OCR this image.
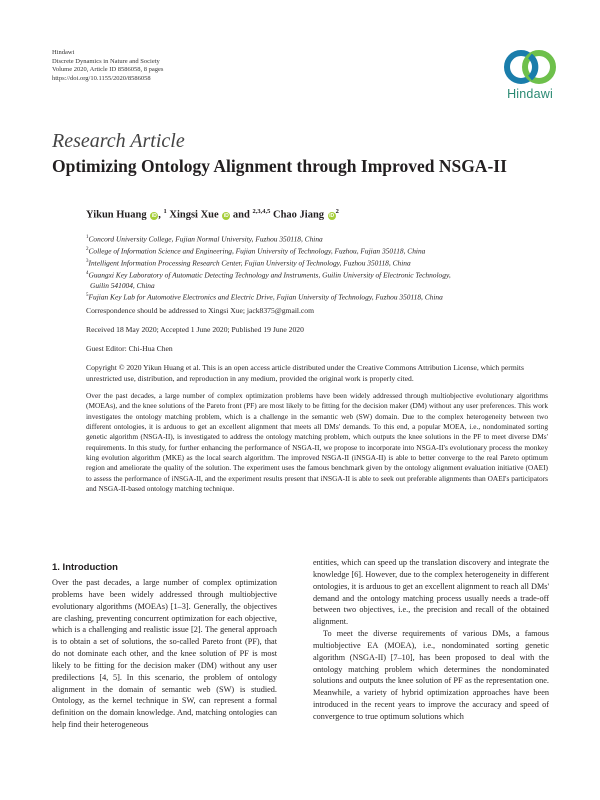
Hindawi
Discrete Dynamics in Nature and Society
Volume 2020, Article ID 8586058, 8 pages
https://doi.org/10.1155/2020/8586058
Hindawi
Research Article
Optimizing Ontology Alignment through Improved NSGA-II
Yikun Huang iD , $^1$ Xingsi Xue iD and $^{2,3,4,5}$ Chao Jiang $iD^2$

$^1$Concord University College, Fujian Normal University, Fuzhou 350118, China

$^2$College of Information Science and Engineering, Fujian University of Technology, Fuzhou, Fujian 350118, China

$^3$Intelligent Information Processing Research Center, Fujian University of Technology, Fuzhou 350118, China

$^4$Guangxi Key Laboratory of Automatic Detecting Technology and Instruments, Guilin University of Electronic Technology,

Guilin 541004, China

$^5$Fujian Key Lab for Automotive Electronics and Electric Drive, Fujian University of Technology, Fuzhou 350118, China

Correspondence should be addressed to Xingsi Xue; jack8375@gmail.com
Received 18 May 2020; Accepted 1 June 2020; Published 19 June 2020
Guest Editor: Chi-Hua Chen
Copyright © 2020 Yikun Huang et al. This is an open access article distributed under the Creative Commons Attribution License, which permits unrestricted use, distribution, and reproduction in any medium, provided the original work is properly cited.
Over the past decades, a large number of complex optimization problems have been widely addressed through multiobjective evolutionary algorithms (MOEAs), and the knee solutions of the Pareto front (PF) are most likely to be fitting for the decision maker (DM) without any user preferences. This work investigates the ontology matching problem, which is a challenge in the semantic web (SW) domain. Due to the complex heterogeneity between two different ontologies, it is arduous to get an excellent alignment that meets all DMs' demands. To this end, a popular MOEA, i.e., nondominated sorting genetic algorithm (NSGA-II), is investigated to address the ontology matching problem, which outputs the knee solutions in the PF to meet diverse DMs' requirements. In this study, for further enhancing the performance of NSGA-II, we propose to incorporate into NSGA-II's evolutionary process the monkey king evolution algorithm (MKE) as the local search algorithm. The improved NSGA-II (iNSGA-II) is able to better converge to the real Pareto optimum region and ameliorate the quality of the solution. The experiment uses the famous benchmark given by the ontology alignment evaluation initiative (OAEI) to assess the performance of iNSGA-II, and the experiment results present that iNSGA-II is able to seek out preferable alignments than OAEI's participators and NSGA-II-based ontology matching technique.
1. Introduction

Over the past decades, a large number of complex optimization problems have been widely addressed through multiobjective evolutionary algorithms (MOEAs) [1–3]. Generally, the objectives are clashing, preventing concurrent optimization for each objective, which is a challenging and realistic issue [2]. The general approach is to obtain a set of solutions, the so-called Pareto front (PF), that do not dominate each other, and the knee solution of PF is most likely to be fitting for the decision maker (DM) without any user predilections [4, 5]. In this scenario, the problem of ontology alignment in the domain of semantic web (SW) is studied. Ontology, as the kernel technique in SW, can represent a formal definition on the domain knowledge. And, matching ontologies can help find their heterogeneous

entities, which can speed up the translation discovery and integrate the knowledge [6]. However, due to the complex heterogeneity in different ontologies, it is arduous to get an excellent alignment to reach all DMs' demand and the ontology matching process usually needs a trade-off between two objectives, i.e., the precision and recall of the obtained alignment.

To meet the diverse requirements of various DMs, a famous multiobjective EA (MOEA), i.e., nondominated sorting genetic algorithm (NSGA-II) [7–10], has been proposed to deal with the ontology matching problem which determines the nondominated solutions and outputs the knee solution of PF as the representation one. Meanwhile, a variety of hybrid optimization approaches have been introduced in the recent years to improve the accuracy and speed of convergence to true optimum solutions which
